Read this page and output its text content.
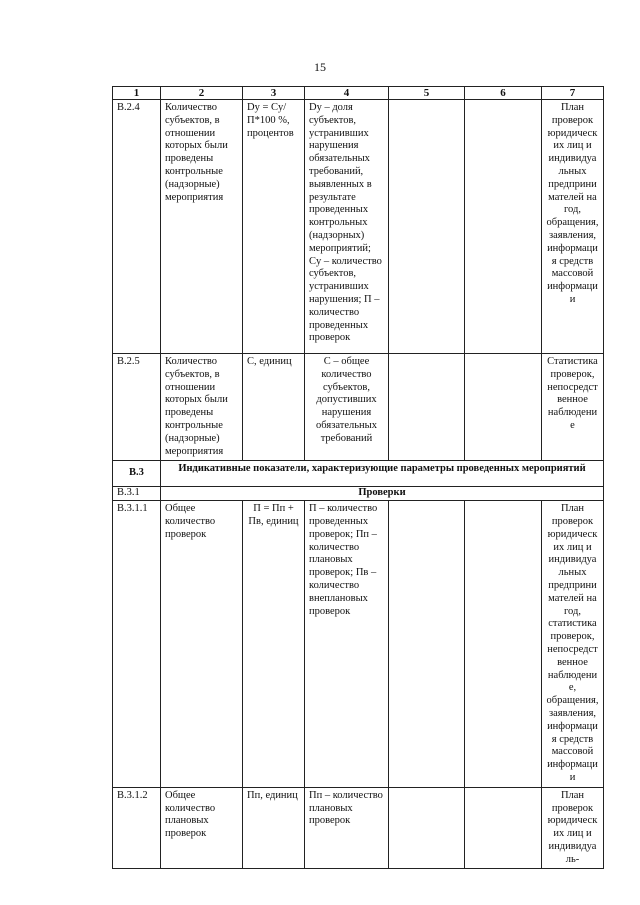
15
1	2	3	4	5	6	7
B.2.4	Количество субъектов, в отношении которых были проведены контрольные (надзорные) мероприятия	Dy = Cy/П*100 %, процентов	Dy – доля субъектов, устранивших нарушения обязательных требований, выявленных в результате проведенных контрольных (надзорных) мероприятий; Cy – количество субъектов, устранивших нарушения; П – количество проведенных проверок			План проверок юридических лиц и индивидуальных предпринимателей на год, обращения, заявления, информация средств массовой информации
B.2.5	Количество субъектов, в отношении которых были проведены контрольные (надзорные) мероприятия	С, единиц	С – общее количество субъектов, допустивших нарушения обязательных требований			Статистика проверок, непосредственное наблюдение
B.3	Индикативные показатели, характеризующие параметры проведенных мероприятий					
B.3.1	Проверки					
B.3.1.1	Общее количество проверок	П = Пп + Пв, единиц	П – количество проведенных проверок; Пп – количество плановых проверок; Пв – количество внеплановых проверок			План проверок юридических лиц и индивидуальных предпринимателей на год, статистика проверок, непосредственное наблюдение, обращения, заявления, информация средств массовой информации
B.3.1.2	Общее количество плановых проверок	Пп, единиц	Пп – количество плановых проверок			План проверок юридических лиц и индивидуаль-
